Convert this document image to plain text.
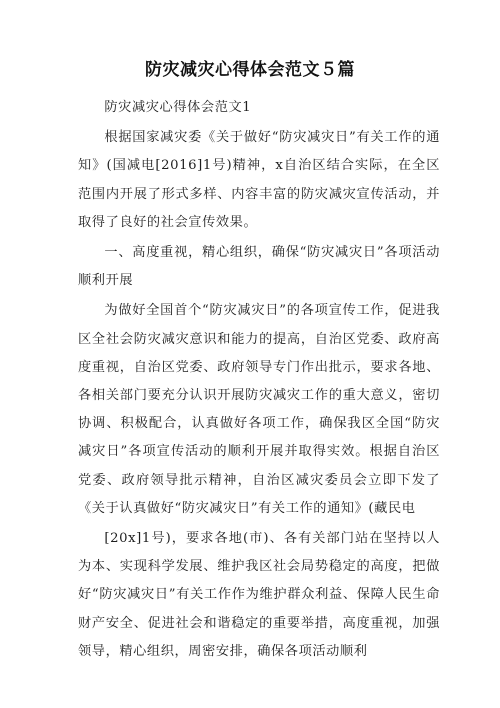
防灾减灾心得体会范文５篇

防灾减灾心得体会范文1

根据国家减灾委《关于做好“防灾减灾日”有关工作的通知》(国减电[2016]1号)精神，x自治区结合实际，在全区范围内开展了形式多样、内容丰富的防灾减灾宣传活动，并取得了良好的社会宣传效果。

一、高度重视，精心组织，确保“防灾减灾日”各项活动顺利开展

为做好全国首个“防灾减灾日”的各项宣传工作，促进我区全社会防灾减灾意识和能力的提高，自治区党委、政府高度重视，自治区党委、政府领导专门作出批示，要求各地、各相关部门要充分认识开展防灾减灾工作的重大意义，密切协调、积极配合，认真做好各项工作，确保我区全国“防灾减灾日”各项宣传活动的顺利开展并取得实效。根据自治区党委、政府领导批示精神，自治区减灾委员会立即下发了《关于认真做好“防灾减灾日”有关工作的通知》(藏民电

[20x]1号)，要求各地(市)、各有关部门站在坚持以人为本、实现科学发展、维护我区社会局势稳定的高度，把做好“防灾减灾日”有关工作作为维护群众利益、保障人民生命财产安全、促进社会和谐稳定的重要举措，高度重视，加强领导，精心组织，周密安排，确保各项活动顺利
